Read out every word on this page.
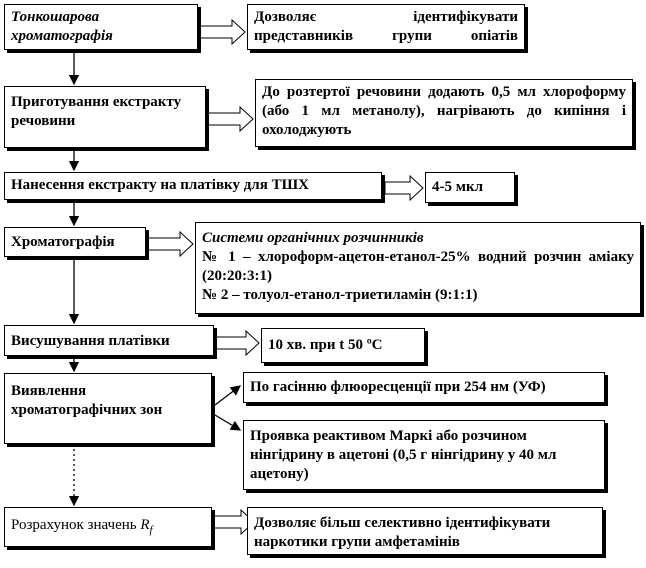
Тонкошарова хроматографія
Приготування екстракту речовини
Нанесення екстракту на платівку для ТШХ
Хроматографія
Висушування платівки
Виявлення хроматографічних зон
Розрахунок значень $R_f$
Дозволяє ідентифікувати представників групи опіатів
До розтертої речовини додають 0,5 мл хлороформу (або 1 мл метанолу), нагрівають до кипіння і охолоджують
4-5 мкл
Системи органічних розчинників
№ 1 – хлороформ-ацетон-етанол-25% водний розчин аміаку (20:20:3:1)
№ 2 – толуол-етанол-триетиламін (9:1:1)
10 хв. при t 50 ºС
По гасінню флюоресценції при 254 нм (УФ)
Проявка реактивом Маркі або розчином нінгідрину в ацетоні (0,5 г нінгідрину у 40 мл ацетону)
Дозволяє більш селективно ідентифікувати наркотики групи амфетамінів
